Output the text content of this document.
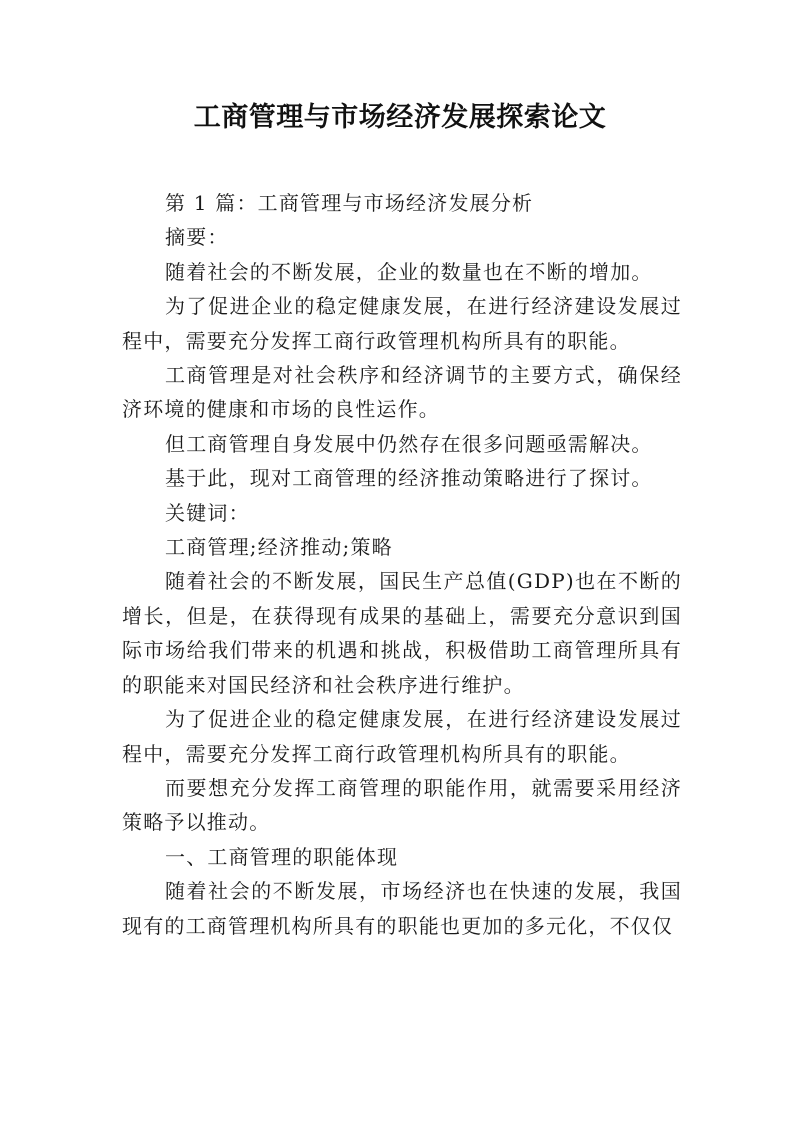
工商管理与市场经济发展探索论文

第 1 篇：工商管理与市场经济发展分析

摘要：

随着社会的不断发展，企业的数量也在不断的增加。

为了促进企业的稳定健康发展，在进行经济建设发展过程中，需要充分发挥工商行政管理机构所具有的职能。

工商管理是对社会秩序和经济调节的主要方式，确保经济环境的健康和市场的良性运作。

但工商管理自身发展中仍然存在很多问题亟需解决。

基于此，现对工商管理的经济推动策略进行了探讨。

关键词：

工商管理;经济推动;策略

随着社会的不断发展，国民生产总值(GDP)也在不断的增长，但是，在获得现有成果的基础上，需要充分意识到国际市场给我们带来的机遇和挑战，积极借助工商管理所具有的职能来对国民经济和社会秩序进行维护。

为了促进企业的稳定健康发展，在进行经济建设发展过程中，需要充分发挥工商行政管理机构所具有的职能。

而要想充分发挥工商管理的职能作用，就需要采用经济策略予以推动。

一、工商管理的职能体现

随着社会的不断发展，市场经济也在快速的发展，我国现有的工商管理机构所具有的职能也更加的多元化，不仅仅
